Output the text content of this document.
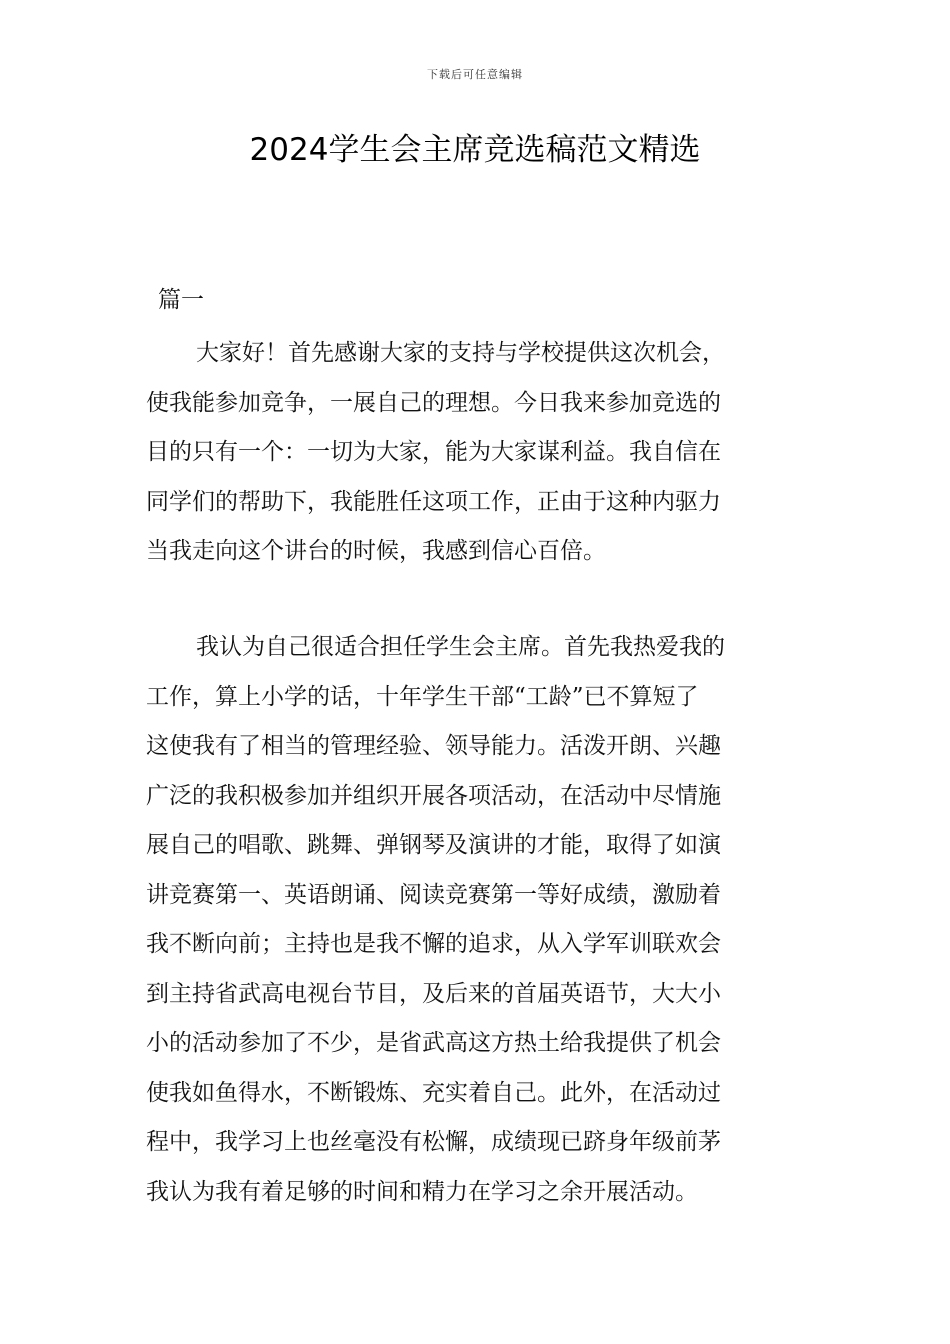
下载后可任意编辑
2024学生会主席竞选稿范文精选
篇一
大家好！首先感谢大家的支持与学校提供这次机会，
使我能参加竞争，一展自己的理想。今日我来参加竞选的
目的只有一个：一切为大家，能为大家谋利益。我自信在
同学们的帮助下，我能胜任这项工作，正由于这种内驱力
当我走向这个讲台的时候，我感到信心百倍。
我认为自己很适合担任学生会主席。首先我热爱我的
工作，算上小学的话，十年学生干部“工龄”已不算短了
这使我有了相当的管理经验、领导能力。活泼开朗、兴趣
广泛的我积极参加并组织开展各项活动，在活动中尽情施
展自己的唱歌、跳舞、弹钢琴及演讲的才能，取得了如演
讲竞赛第一、英语朗诵、阅读竞赛第一等好成绩，激励着
我不断向前；主持也是我不懈的追求，从入学军训联欢会
到主持省武高电视台节目，及后来的首届英语节，大大小
小的活动参加了不少，是省武高这方热土给我提供了机会
使我如鱼得水，不断锻炼、充实着自己。此外，在活动过
程中，我学习上也丝毫没有松懈，成绩现已跻身年级前茅
我认为我有着足够的时间和精力在学习之余开展活动。
